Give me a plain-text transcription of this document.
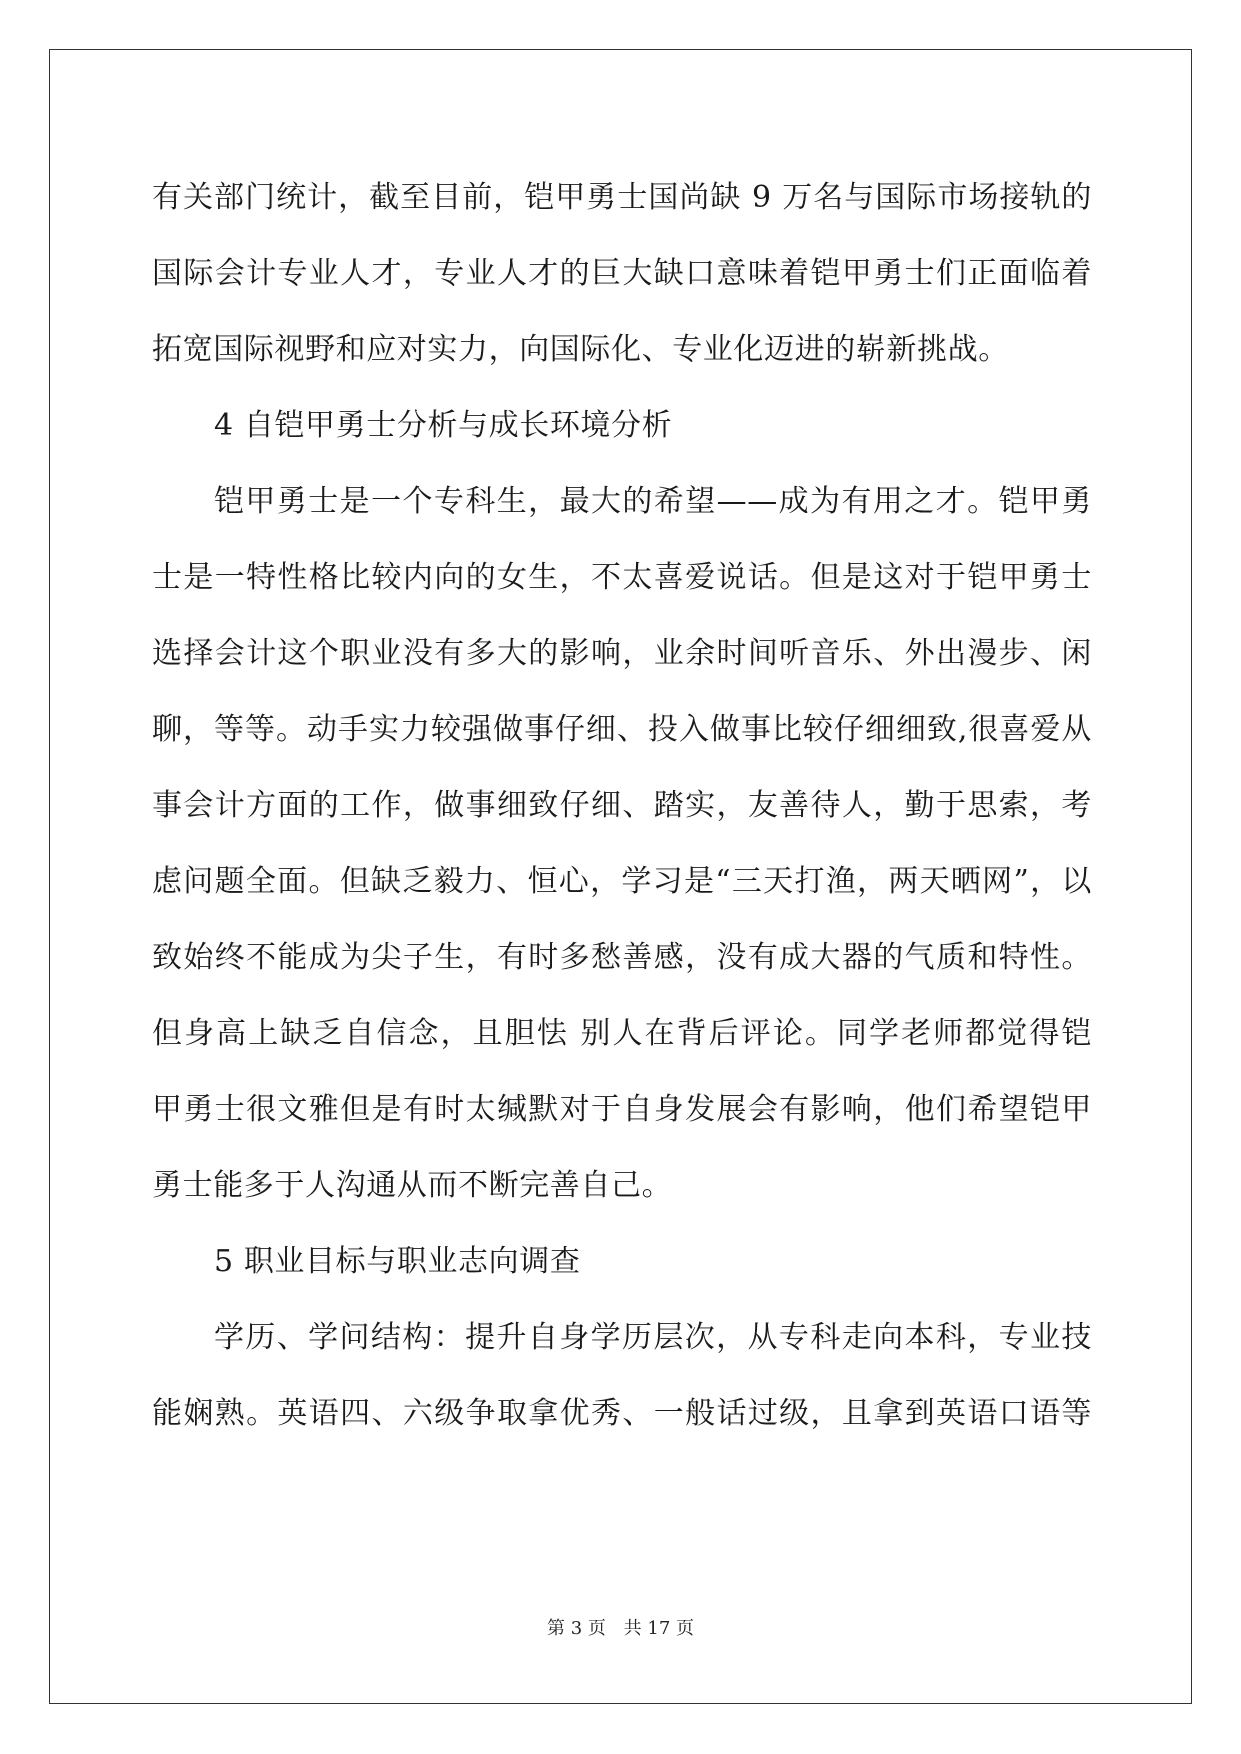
有关部门统计，截至目前，铠甲勇士国尚缺 9 万名与国际市场接轨的
国际会计专业人才，专业人才的巨大缺口意味着铠甲勇士们正面临着
拓宽国际视野和应对实力，向国际化、专业化迈进的崭新挑战。
4 自铠甲勇士分析与成长环境分析
铠甲勇士是一个专科生，最大的希望——成为有用之才。铠甲勇
士是一特性格比较内向的女生，不太喜爱说话。但是这对于铠甲勇士
选择会计这个职业没有多大的影响，业余时间听音乐、外出漫步、闲
聊，等等。动手实力较强做事仔细、投入做事比较仔细细致,很喜爱从
事会计方面的工作，做事细致仔细、踏实，友善待人，勤于思索，考
虑问题全面。但缺乏毅力、恒心，学习是“三天打渔，两天晒网”，以
致始终不能成为尖子生，有时多愁善感，没有成大器的气质和特性。
但身高上缺乏自信念，且胆怯 别人在背后评论。同学老师都觉得铠
甲勇士很文雅但是有时太缄默对于自身发展会有影响，他们希望铠甲
勇士能多于人沟通从而不断完善自己。
5 职业目标与职业志向调查
学历、学问结构：提升自身学历层次，从专科走向本科，专业技
能娴熟。英语四、六级争取拿优秀、一般话过级，且拿到英语口语等
第 3 页 共 17 页
